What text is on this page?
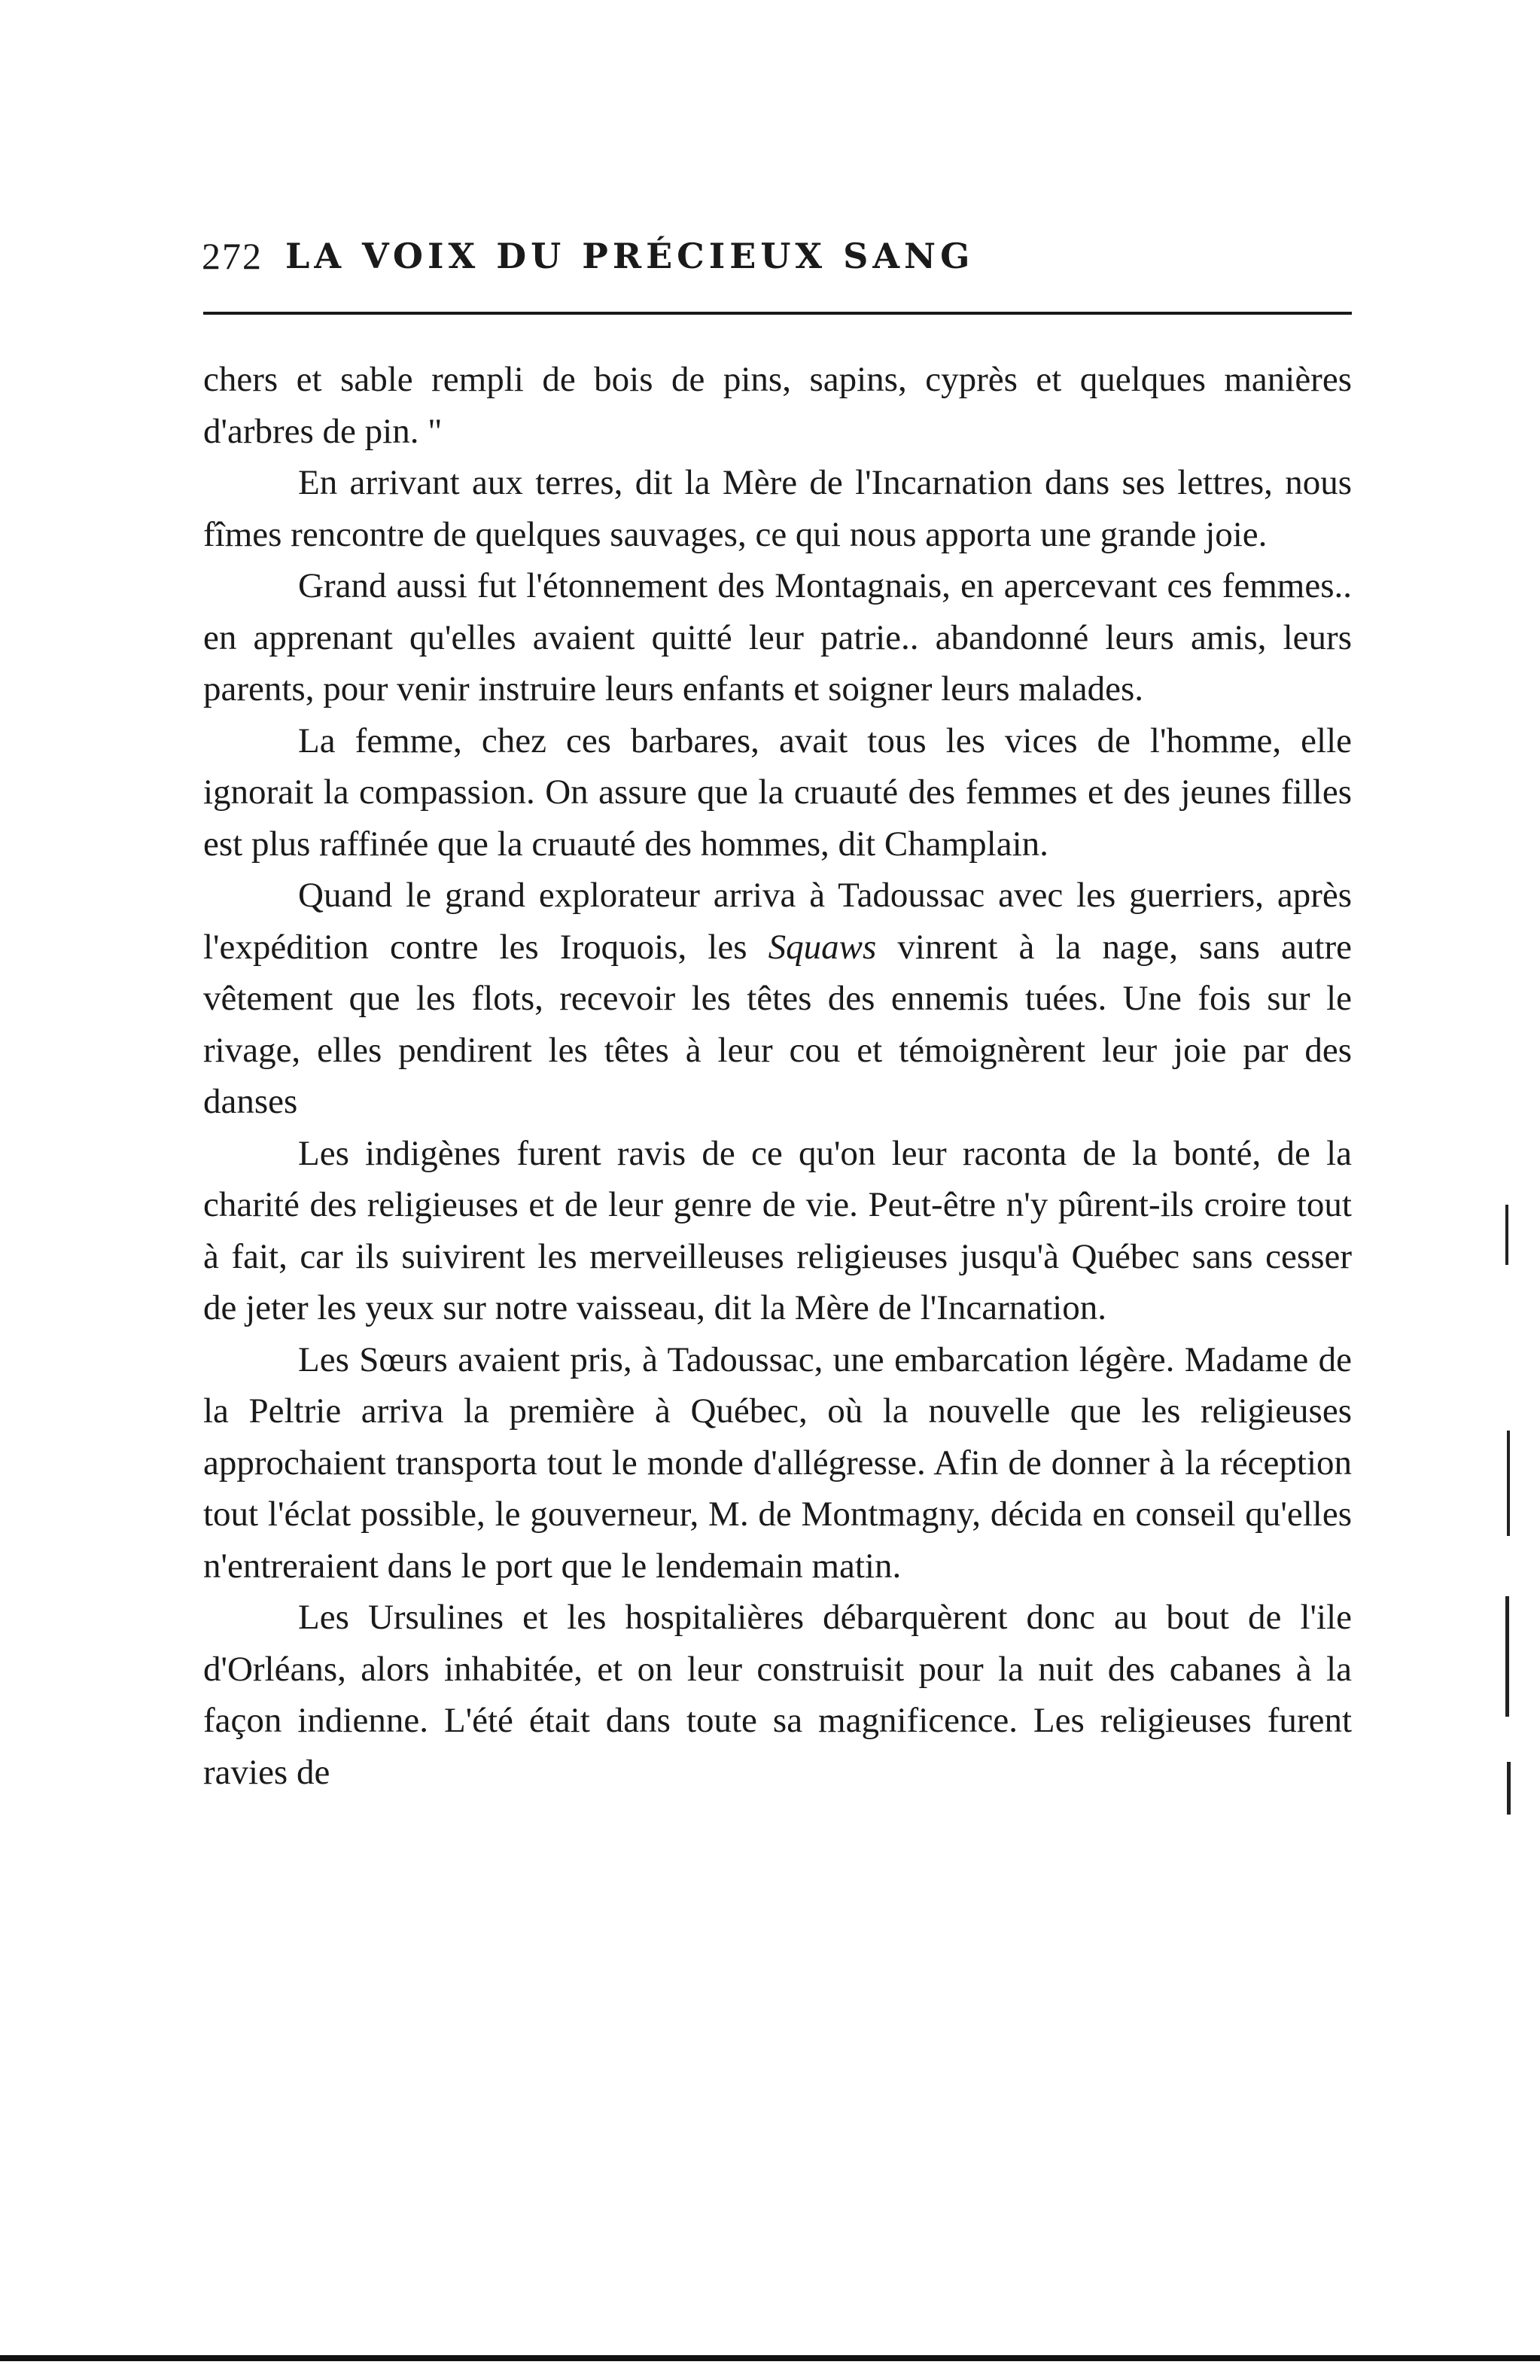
272 LA VOIX DU PRÉCIEUX SANG

chers et sable rempli de bois de pins, sapins, cyprès et quelques manières d'arbres de pin. "

En arrivant aux terres, dit la Mère de l'Incarnation dans ses lettres, nous fîmes rencontre de quelques sauvages, ce qui nous apporta une grande joie.

Grand aussi fut l'étonnement des Montagnais, en apercevant ces femmes.. en apprenant qu'elles avaient quitté leur patrie.. abandonné leurs amis, leurs parents, pour venir instruire leurs enfants et soigner leurs malades.

La femme, chez ces barbares, avait tous les vices de l'homme, elle ignorait la compassion. On assure que la cruauté des femmes et des jeunes filles est plus raffinée que la cruauté des hommes, dit Champlain.

Quand le grand explorateur arriva à Tadoussac avec les guerriers, après l'expédition contre les Iroquois, les Squaws vinrent à la nage, sans autre vêtement que les flots, recevoir les têtes des ennemis tuées. Une fois sur le rivage, elles pendirent les têtes à leur cou et témoignèrent leur joie par des danses

Les indigènes furent ravis de ce qu'on leur raconta de la bonté, de la charité des religieuses et de leur genre de vie. Peut-être n'y pûrent-ils croire tout à fait, car ils suivirent les merveilleuses religieuses jusqu'à Québec sans cesser de jeter les yeux sur notre vaisseau, dit la Mère de l'Incarnation.

Les Sœurs avaient pris, à Tadoussac, une embarcation légère. Madame de la Peltrie arriva la première à Québec, où la nouvelle que les religieuses approchaient transporta tout le monde d'allégresse. Afin de donner à la réception tout l'éclat possible, le gouverneur, M. de Montmagny, décida en conseil qu'elles n'entreraient dans le port que le lendemain matin.

Les Ursulines et les hospitalières débarquèrent donc au bout de l'ile d'Orléans, alors inhabitée, et on leur construisit pour la nuit des cabanes à la façon indienne. L'été était dans toute sa magnificence. Les religieuses furent ravies de
